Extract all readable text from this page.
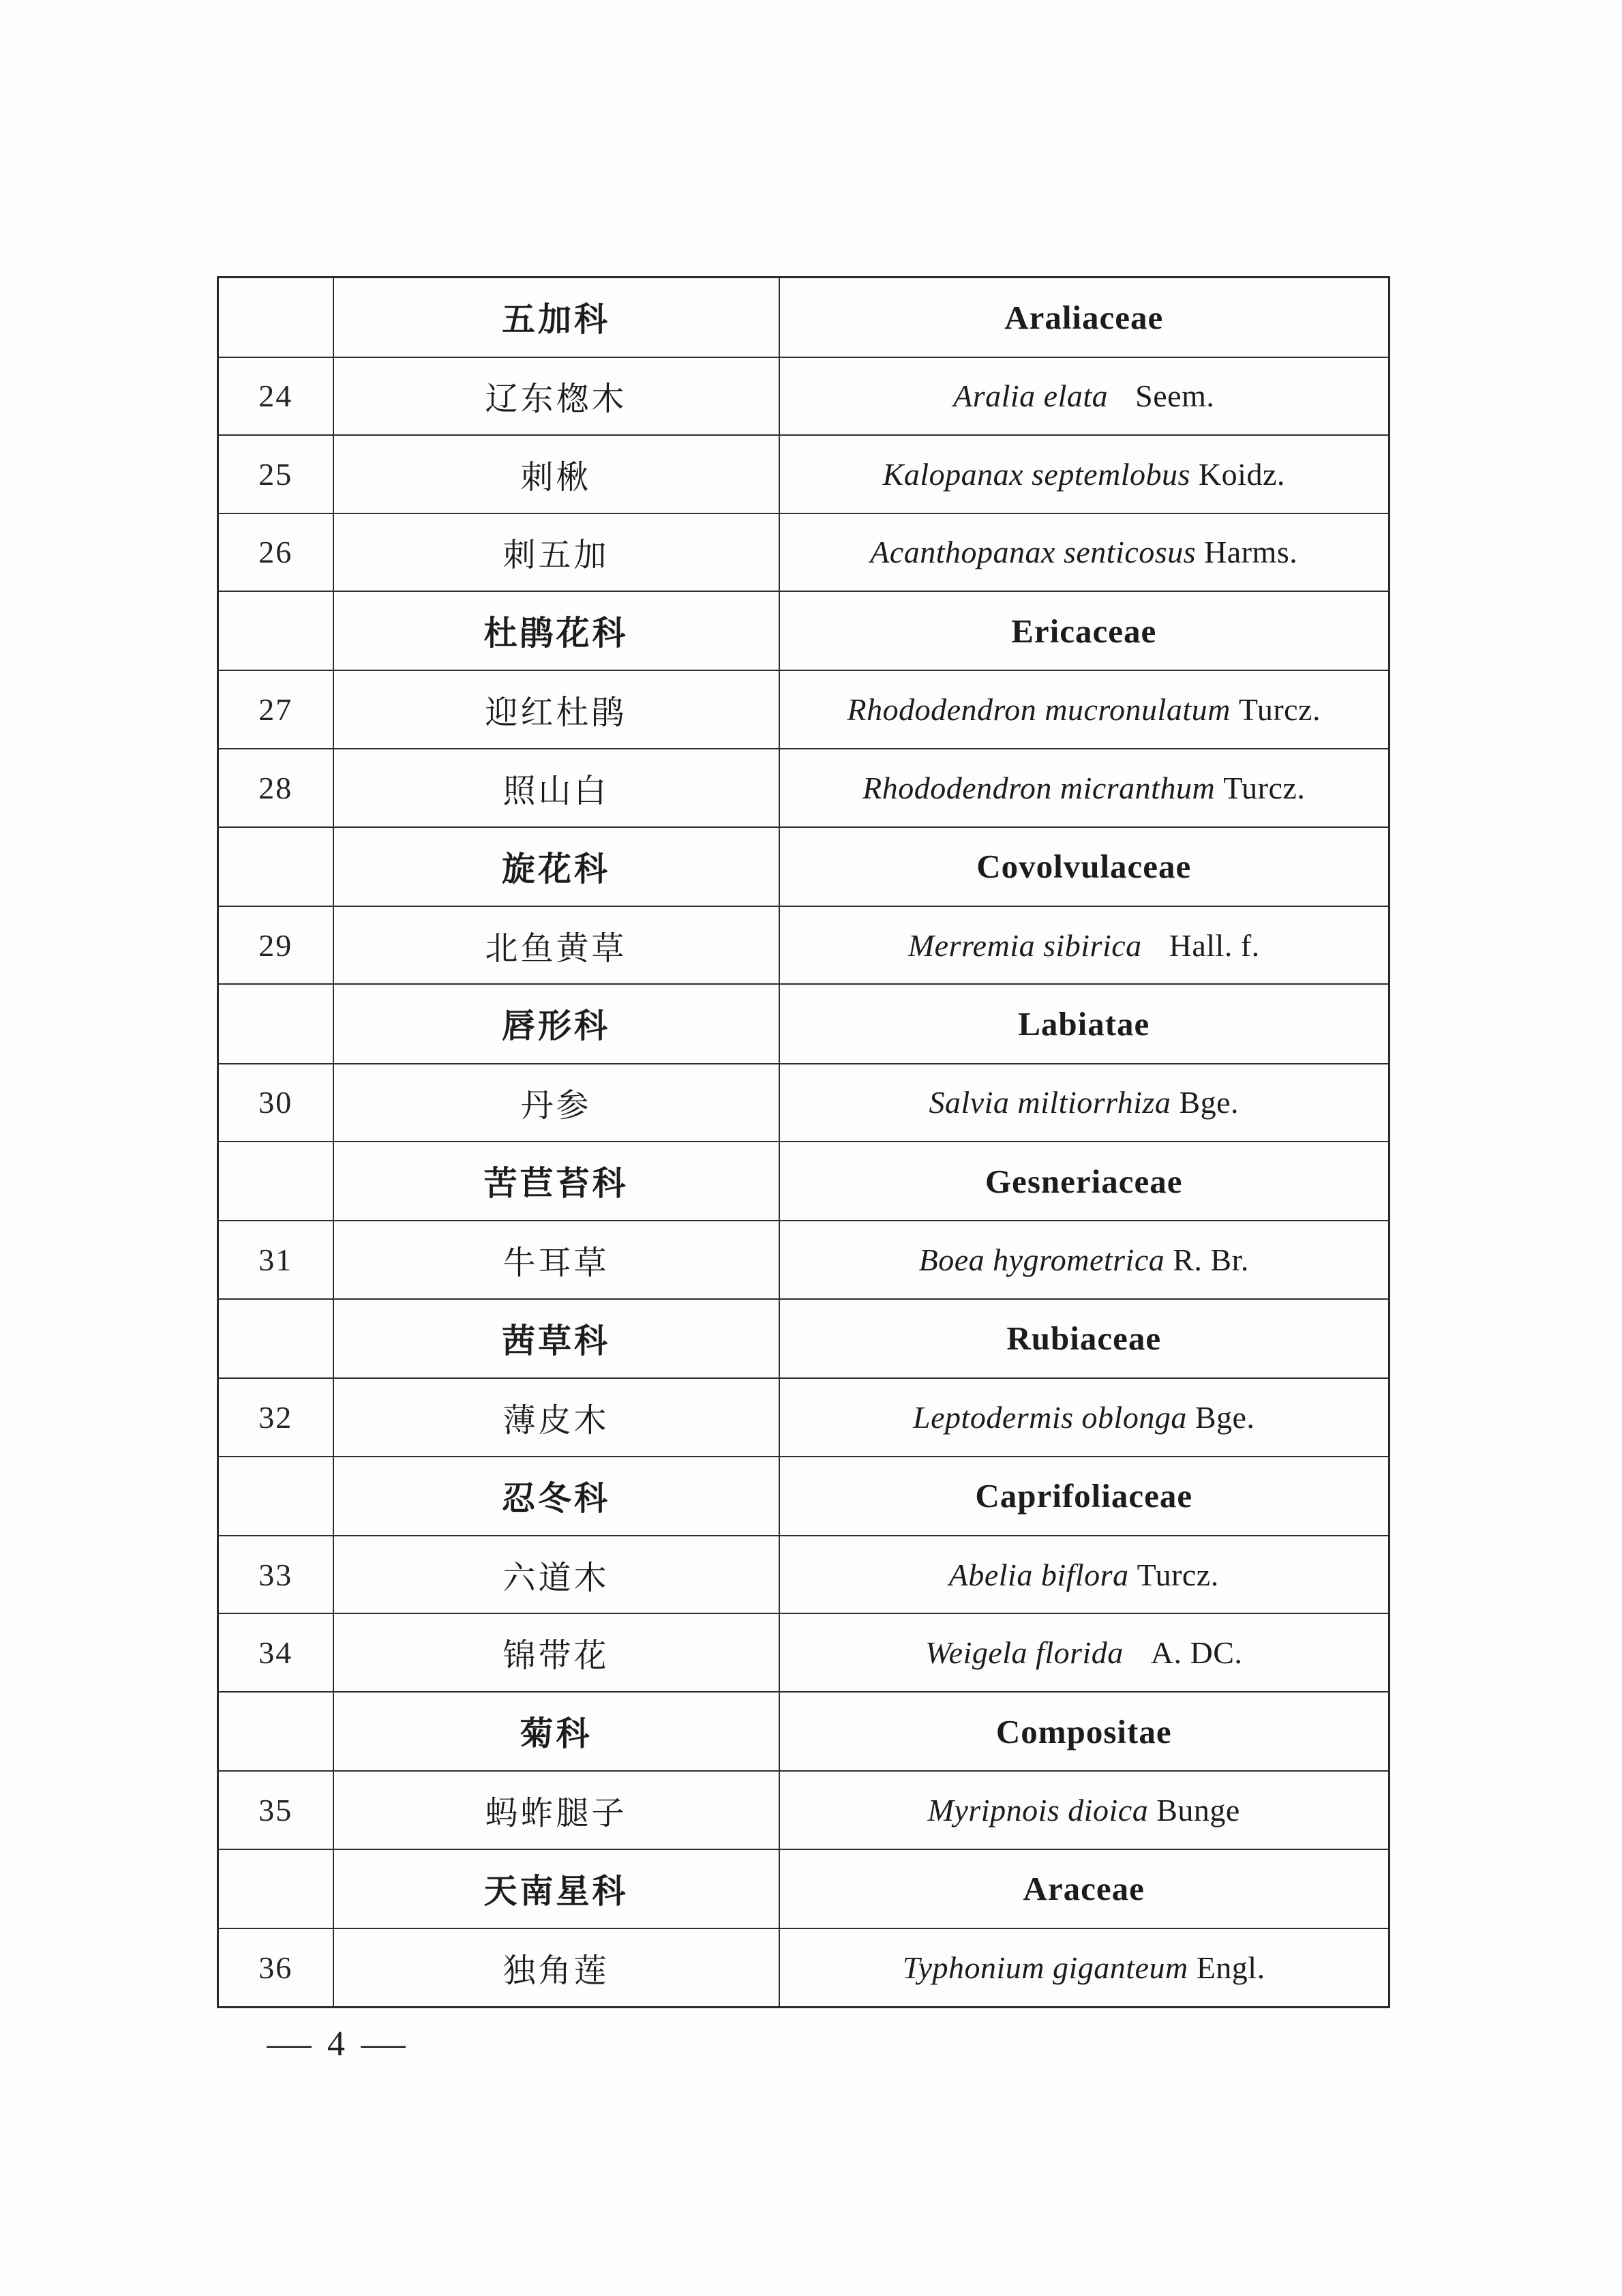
	五加科	Araliaceae
24	辽东楤木	Aralia elata Seem.
25	刺楸	Kalopanax septemlobus Koidz.
26	刺五加	Acanthopanax senticosus Harms.
	杜鹃花科	Ericaceae
27	迎红杜鹃	Rhododendron mucronulatum Turcz.
28	照山白	Rhododendron micranthum Turcz.
	旋花科	Covolvulaceae
29	北鱼黄草	Merremia sibirica Hall. f.
	唇形科	Labiatae
30	丹参	Salvia miltiorrhiza Bge.
	苦苣苔科	Gesneriaceae
31	牛耳草	Boea hygrometrica R. Br.
	茜草科	Rubiaceae
32	薄皮木	Leptodermis oblonga Bge.
	忍冬科	Caprifoliaceae
33	六道木	Abelia biflora Turcz.
34	锦带花	Weigela florida A. DC.
	菊科	Compositae
35	蚂蚱腿子	Myripnois dioica Bunge
	天南星科	Araceae
36	独角莲	Typhonium giganteum Engl.
— 4 —
